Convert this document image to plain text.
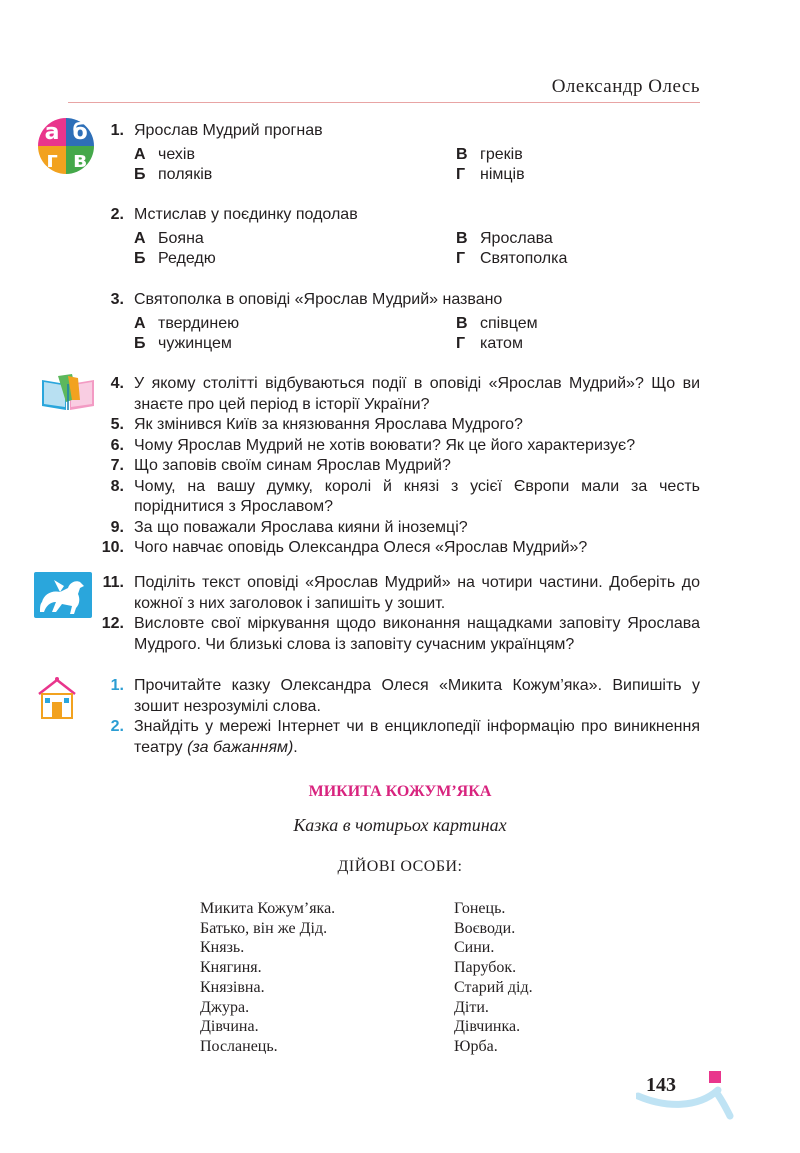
Олександр Олесь
а б
г в
1. Ярослав Мудрий прогнав
А чехів	В греків
Б поляків	Г німців
2. Мстислав у поєдинку подолав
А Бояна	В Ярослава
Б Редедю	Г Святополка
3. Святополка в оповіді «Ярослав Мудрий» названо
А твердинею	В співцем
Б чужинцем	Г катом
4. У якому столітті відбуваються події в оповіді «Ярослав Мудрий»? Що ви знаєте про цей період в історії України?
5. Як змінився Київ за князювання Ярослава Мудрого?
6. Чому Ярослав Мудрий не хотів воювати? Як це його характеризує?
7. Що заповів своїм синам Ярослав Мудрий?
8. Чому, на вашу думку, королі й князі з усієї Європи мали за честь поріднитися з Ярославом?
9. За що поважали Ярослава кияни й іноземці?
10. Чого навчає оповідь Олександра Олеся «Ярослав Мудрий»?
11. Поділіть текст оповіді «Ярослав Мудрий» на чотири частини. Доберіть до кожної з них заголовок і запишіть у зошит.
12. Висловте свої міркування щодо виконання нащадками заповіту Ярослава Мудрого. Чи близькі слова із заповіту сучасним українцям?
1. Прочитайте казку Олександра Олеся «Микита Кожум’яка». Випишіть у зошит незрозумілі слова.
2. Знайдіть у мережі Інтернет чи в енциклопедії інформацію про виникнення театру (за бажанням).
МИКИТА КОЖУМ’ЯКА
Казка в чотирьох картинах
ДІЙОВІ ОСОБИ:
Микита Кожум’яка.
Батько, він же Дід.
Князь.
Княгиня.
Князівна.
Джура.
Дівчина.
Посланець.
Гонець.
Воєводи.
Сини.
Парубок.
Старий дід.
Діти.
Дівчинка.
Юрба.
143
